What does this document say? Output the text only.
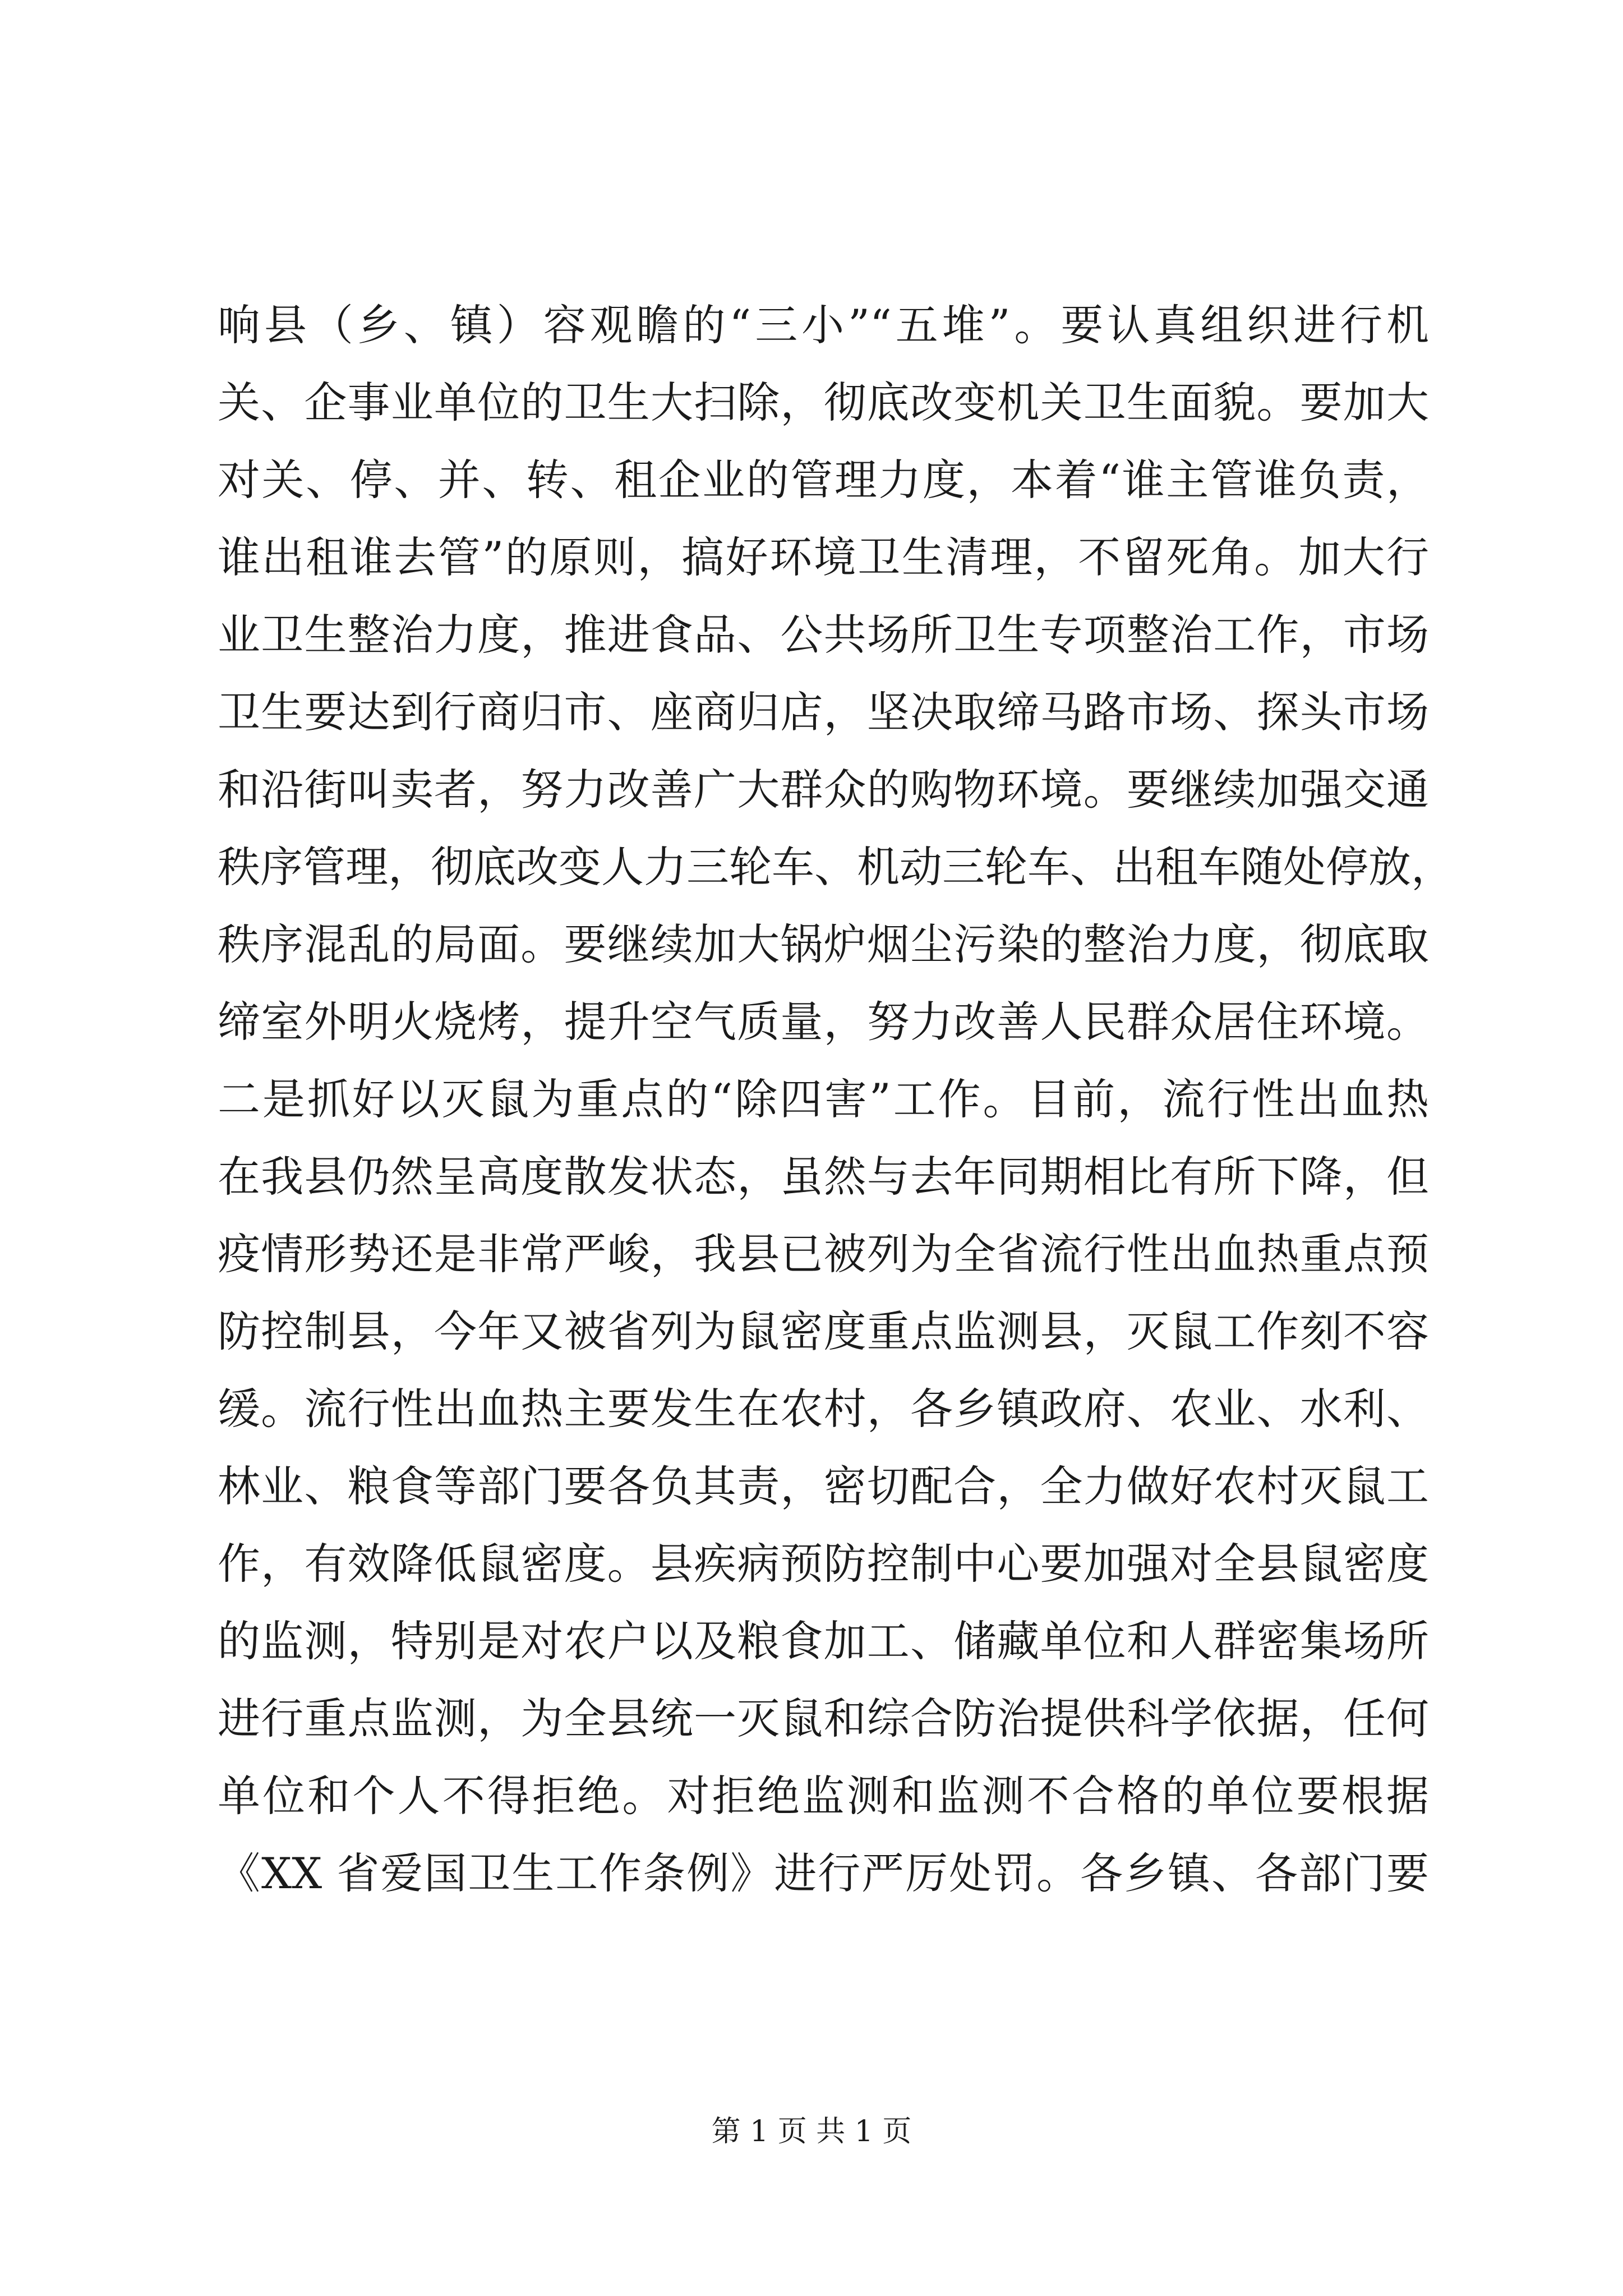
响县（乡、镇）容观瞻的“三小”“五堆”。要认真组织进行机
关、企事业单位的卫生大扫除，彻底改变机关卫生面貌。要加大
对关、停、并、转、租企业的管理力度，本着“谁主管谁负责，
谁出租谁去管”的原则，搞好环境卫生清理，不留死角。加大行
业卫生整治力度，推进食品、公共场所卫生专项整治工作，市场
卫生要达到行商归市、座商归店，坚决取缔马路市场、探头市场
和沿街叫卖者，努力改善广大群众的购物环境。要继续加强交通
秩序管理，彻底改变人力三轮车、机动三轮车、出租车随处停放，
秩序混乱的局面。要继续加大锅炉烟尘污染的整治力度，彻底取
缔室外明火烧烤，提升空气质量，努力改善人民群众居住环境。
二是抓好以灭鼠为重点的“除四害”工作。目前，流行性出血热
在我县仍然呈高度散发状态，虽然与去年同期相比有所下降，但
疫情形势还是非常严峻，我县已被列为全省流行性出血热重点预
防控制县，今年又被省列为鼠密度重点监测县，灭鼠工作刻不容
缓。流行性出血热主要发生在农村，各乡镇政府、农业、水利、
林业、粮食等部门要各负其责，密切配合，全力做好农村灭鼠工
作，有效降低鼠密度。县疾病预防控制中心要加强对全县鼠密度
的监测，特别是对农户以及粮食加工、储藏单位和人群密集场所
进行重点监测，为全县统一灭鼠和综合防治提供科学依据，任何
单位和个人不得拒绝。对拒绝监测和监测不合格的单位要根据
《XX 省爱国卫生工作条例》进行严厉处罚。各乡镇、各部门要
第 1 页 共 1 页
